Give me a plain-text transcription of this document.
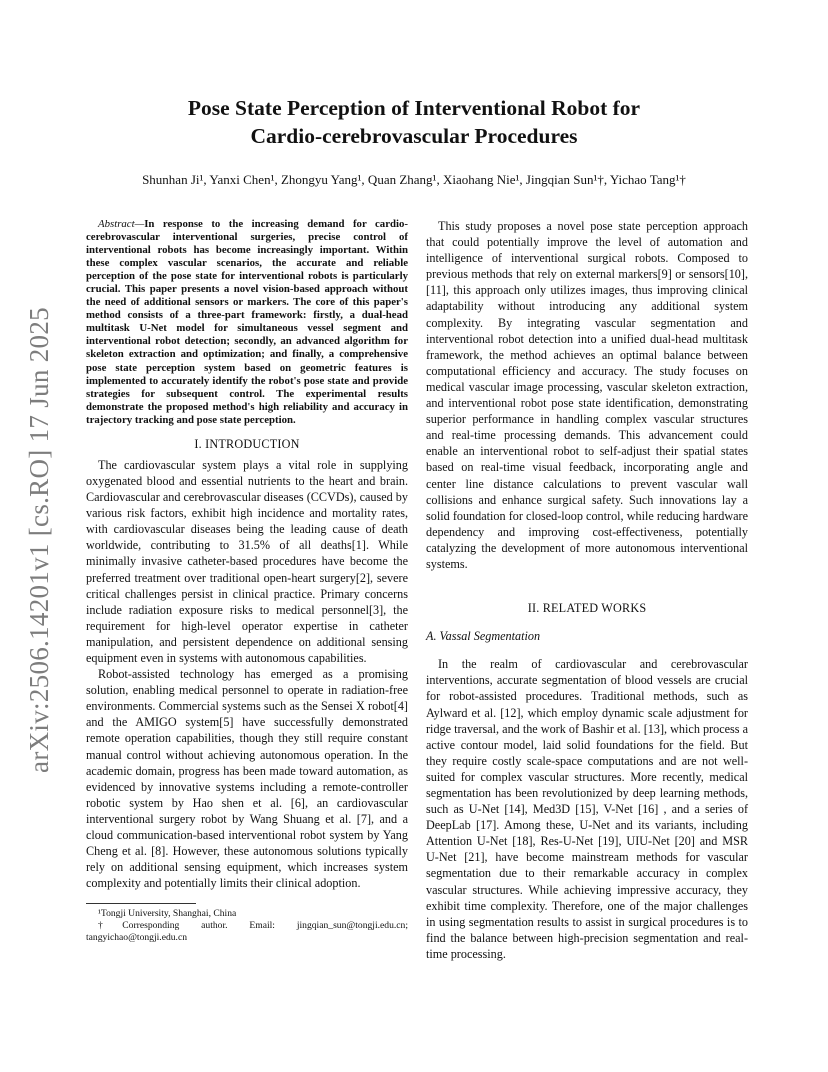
arXiv:2506.14201v1 [cs.RO] 17 Jun 2025
Pose State Perception of Interventional Robot for
Cardio-cerebrovascular Procedures
Shunhan Ji¹, Yanxi Chen¹, Zhongyu Yang¹, Quan Zhang¹, Xiaohang Nie¹, Jingqian Sun¹†, Yichao Tang¹†
Abstract—In response to the increasing demand for cardio-cerebrovascular interventional surgeries, precise control of interventional robots has become increasingly important. Within these complex vascular scenarios, the accurate and reliable perception of the pose state for interventional robots is particularly crucial. This paper presents a novel vision-based approach without the need of additional sensors or markers. The core of this paper's method consists of a three-part framework: firstly, a dual-head multitask U-Net model for simultaneous vessel segment and interventional robot detection; secondly, an advanced algorithm for skeleton extraction and optimization; and finally, a comprehensive pose state perception system based on geometric features is implemented to accurately identify the robot's pose state and provide strategies for subsequent control. The experimental results demonstrate the proposed method's high reliability and accuracy in trajectory tracking and pose state perception.
I. INTRODUCTION

The cardiovascular system plays a vital role in supplying oxygenated blood and essential nutrients to the heart and brain. Cardiovascular and cerebrovascular diseases (CCVDs), caused by various risk factors, exhibit high incidence and mortality rates, with cardiovascular diseases being the leading cause of death worldwide, contributing to 31.5% of all deaths[1]. While minimally invasive catheter-based procedures have become the preferred treatment over traditional open-heart surgery[2], severe critical challenges persist in clinical practice. Primary concerns include radiation exposure risks to medical personnel[3], the requirement for high-level operator expertise in catheter manipulation, and persistent dependence on additional sensing equipment even in systems with autonomous capabilities.

Robot-assisted technology has emerged as a promising solution, enabling medical personnel to operate in radiation-free environments. Commercial systems such as the Sensei X robot[4] and the AMIGO system[5] have successfully demonstrated remote operation capabilities, though they still require constant manual control without achieving autonomous operation. In the academic domain, progress has been made toward automation, as evidenced by innovative systems including a remote-controller robotic system by Hao shen et al. [6], an cardiovascular interventional surgery robot by Wang Shuang et al. [7], and a cloud communication-based interventional robot system by Yang Cheng et al. [8]. However, these autonomous solutions typically rely on additional sensing equipment, which increases system complexity and potentially limits their clinical adoption.

¹Tongji University, Shanghai, China
†Corresponding author. Email: jingqian_sun@tongji.edu.cn; tangyichao@tongji.edu.cn

This study proposes a novel pose state perception approach that could potentially improve the level of automation and intelligence of interventional surgical robots. Composed to previous methods that rely on external markers[9] or sensors[10], [11], this approach only utilizes images, thus improving clinical adaptability without introducing any additional system complexity. By integrating vascular segmentation and interventional robot detection into a unified dual-head multitask framework, the method achieves an optimal balance between computational efficiency and accuracy. The study focuses on medical vascular image processing, vascular skeleton extraction, and interventional robot pose state identification, demonstrating superior performance in handling complex vascular structures and real-time processing demands. This advancement could enable an interventional robot to self-adjust their spatial states based on real-time visual feedback, incorporating angle and center line distance calculations to prevent vascular wall collisions and enhance surgical safety. Such innovations lay a solid foundation for closed-loop control, while reducing hardware dependency and improving cost-effectiveness, potentially catalyzing the development of more autonomous interventional systems.

II. RELATED WORKS
A. Vassal Segmentation

In the realm of cardiovascular and cerebrovascular interventions, accurate segmentation of blood vessels are crucial for robot-assisted procedures. Traditional methods, such as Aylward et al. [12], which employ dynamic scale adjustment for ridge traversal, and the work of Bashir et al. [13], which process a active contour model, laid solid foundations for the field. But they require costly scale-space computations and are not well-suited for complex vascular structures. More recently, medical segmentation has been revolutionized by deep learning methods, such as U-Net [14], Med3D [15], V-Net [16] , and a series of DeepLab [17]. Among these, U-Net and its variants, including Attention U-Net [18], Res-U-Net [19], UIU-Net [20] and MSR U-Net [21], have become mainstream methods for vascular segmentation due to their remarkable accuracy in complex vascular structures. While achieving impressive accuracy, they exhibit time complexity. Therefore, one of the major challenges in using segmentation results to assist in surgical procedures is to find the balance between high-precision segmentation and real-time processing.
